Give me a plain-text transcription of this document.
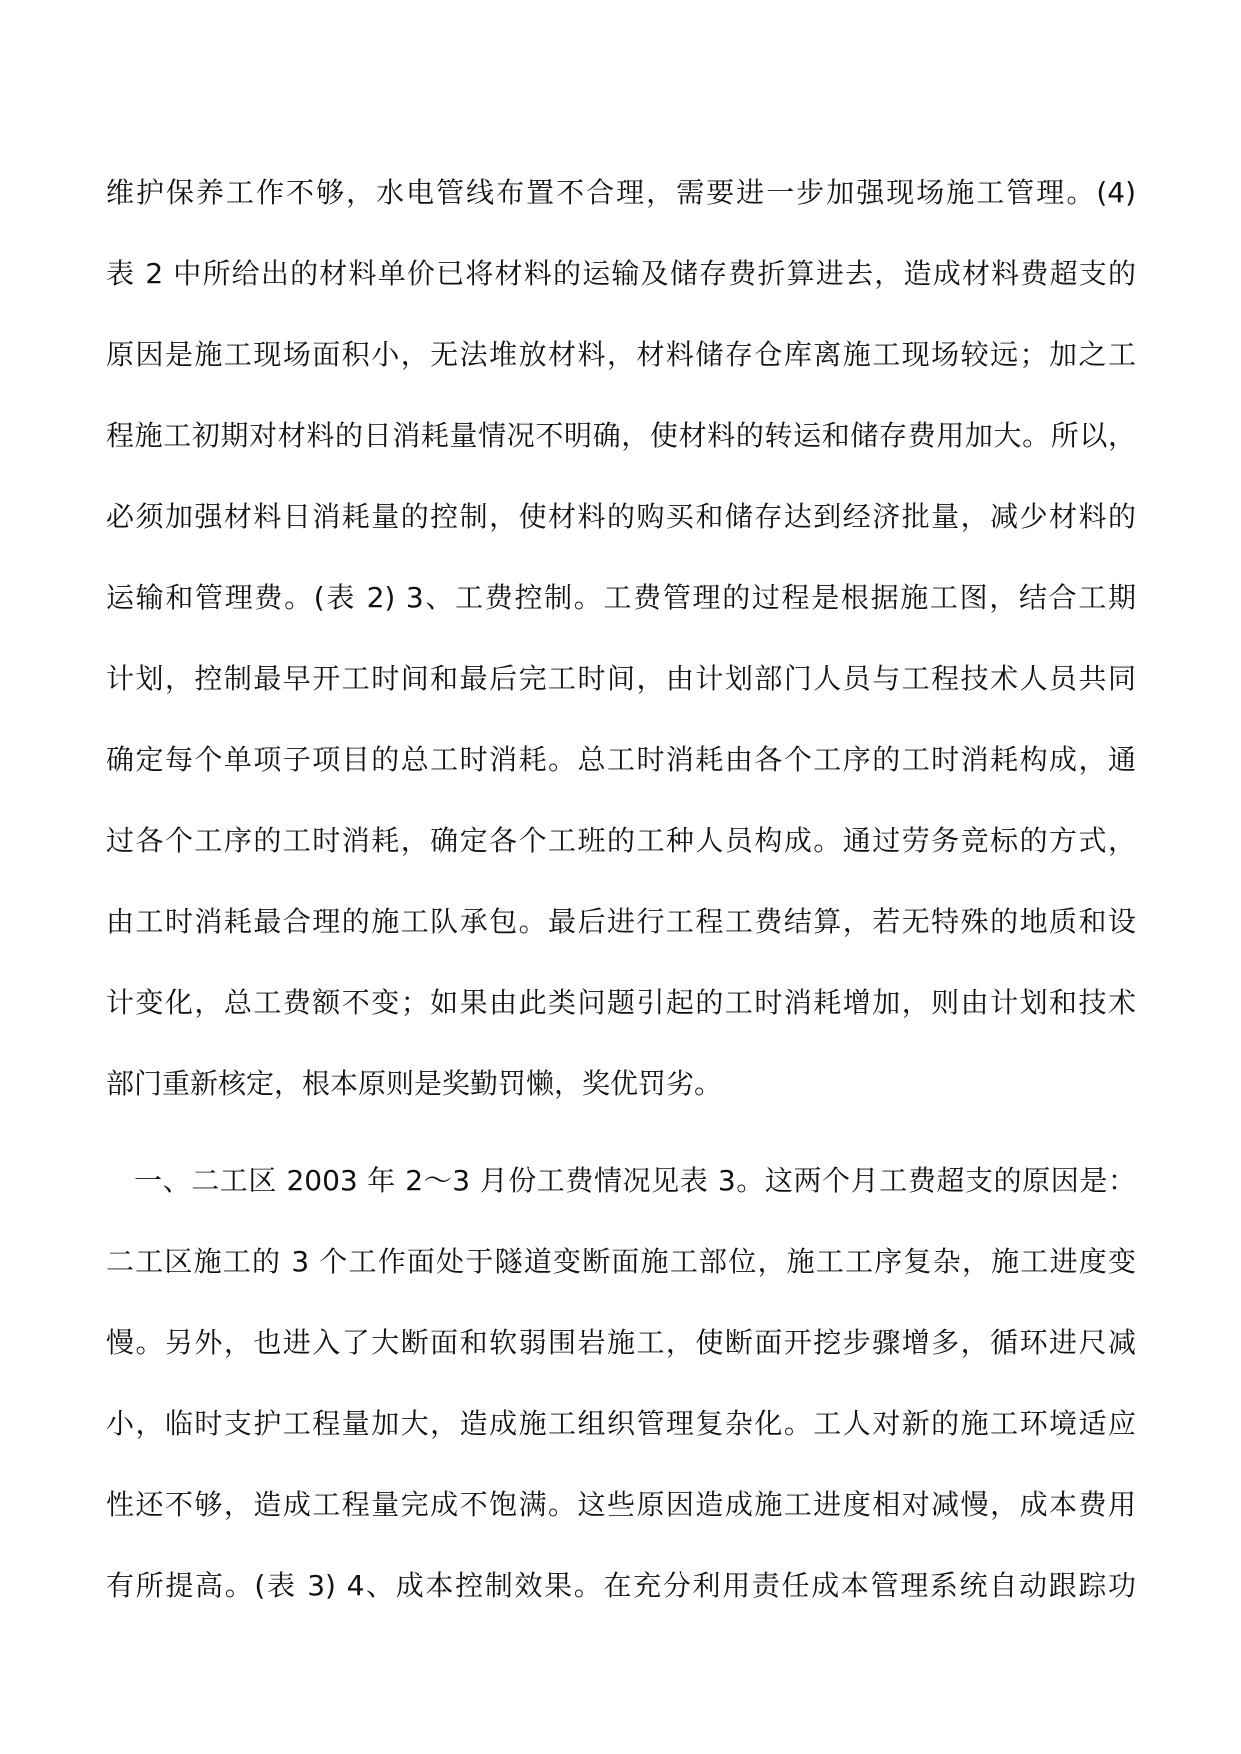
维护保养工作不够，水电管线布置不合理，需要进一步加强现场施工管理。(4)
表 2 中所给出的材料单价已将材料的运输及储存费折算进去，造成材料费超支的
原因是施工现场面积小，无法堆放材料，材料储存仓库离施工现场较远；加之工
程施工初期对材料的日消耗量情况不明确，使材料的转运和储存费用加大。所以，
必须加强材料日消耗量的控制，使材料的购买和储存达到经济批量，减少材料的
运输和管理费。(表 2) 3、工费控制。工费管理的过程是根据施工图，结合工期
计划，控制最早开工时间和最后完工时间，由计划部门人员与工程技术人员共同
确定每个单项子项目的总工时消耗。总工时消耗由各个工序的工时消耗构成，通
过各个工序的工时消耗，确定各个工班的工种人员构成。通过劳务竞标的方式，
由工时消耗最合理的施工队承包。最后进行工程工费结算，若无特殊的地质和设
计变化，总工费额不变；如果由此类问题引起的工时消耗增加，则由计划和技术
部门重新核定，根本原则是奖勤罚懒，奖优罚劣。
一、二工区 2003 年 2～3 月份工费情况见表 3。这两个月工费超支的原因是：
二工区施工的 3 个工作面处于隧道变断面施工部位，施工工序复杂，施工进度变
慢。另外，也进入了大断面和软弱围岩施工，使断面开挖步骤增多，循环进尺减
小，临时支护工程量加大，造成施工组织管理复杂化。工人对新的施工环境适应
性还不够，造成工程量完成不饱满。这些原因造成施工进度相对减慢，成本费用
有所提高。(表 3) 4、成本控制效果。在充分利用责任成本管理系统自动跟踪功
